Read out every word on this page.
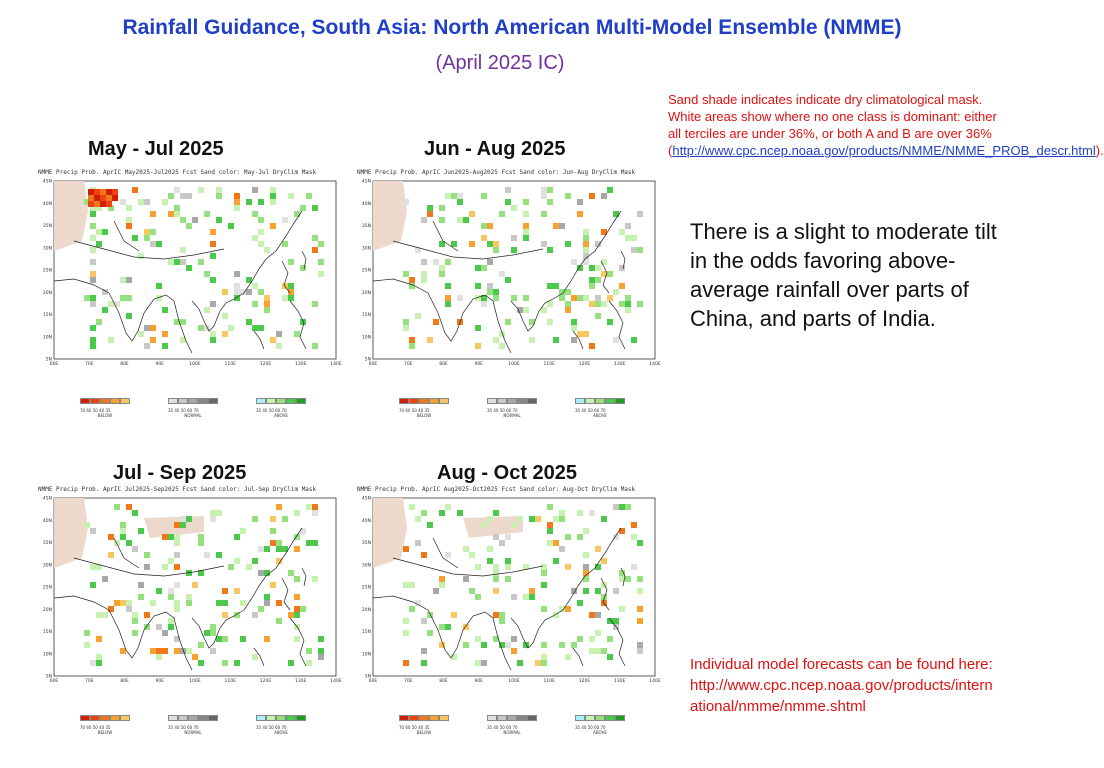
Rainfall Guidance, South Asia: North American Multi-Model Ensemble (NMME)
(April 2025 IC)
Sand shade indicates indicate dry climatological mask. White areas show where no one class is dominant: either all terciles are under 36%, or both A and B are over 36% (http://www.cpc.ncep.noaa.gov/products/NMME/NMME_PROB_descr.html).
There is a slight to moderate tilt in the odds favoring above-average rainfall over parts of China, and parts of India.
Individual model forecasts can be found here: http://www.cpc.ncep.noaa.gov/products/international/nmme/nmme.shtml
May - Jul 2025	Jun - Aug 2025
Jul - Sep 2025	Aug - Oct 2025
NMME Precip Prob. AprIC May2025-Jul2025 Fcst Sand color: May-Jul DryClim Mask
45N
40N
35N
30N
25N
20N
15N
10N
5N
60E	70E	80E	90E	100E	110E	120E	130E	140E
70 60 50 40 35
BELOW
35 40 50 60 70
NORMAL
35 40 50 60 70
ABOVE
NMME Precip Prob. AprIC Jun2025-Aug2025 Fcst Sand color: Jun-Aug DryClim Mask
45N
40N
35N
30N
25N
20N
15N
10N
5N
60E	70E	80E	90E	100E	110E	120E	130E	140E
70 60 50 40 35
BELOW
35 40 50 60 70
NORMAL
35 40 50 60 70
ABOVE
NMME Precip Prob. AprIC Jul2025-Sep2025 Fcst Sand color: Jul-Sep DryClim Mask
45N
40N
35N
30N
25N
20N
15N
10N
5N
60E	70E	80E	90E	100E	110E	120E	130E	140E
70 60 50 40 35
BELOW
35 40 50 60 70
NORMAL
35 40 50 60 70
ABOVE
NMME Precip Prob. AprIC Aug2025-Oct2025 Fcst Sand color: Aug-Oct DryClim Mask
45N
40N
35N
30N
25N
20N
15N
10N
5N
60E	70E	80E	90E	100E	110E	120E	130E	140E
70 60 50 40 35
BELOW
35 40 50 60 70
NORMAL
35 40 50 60 70
ABOVE
